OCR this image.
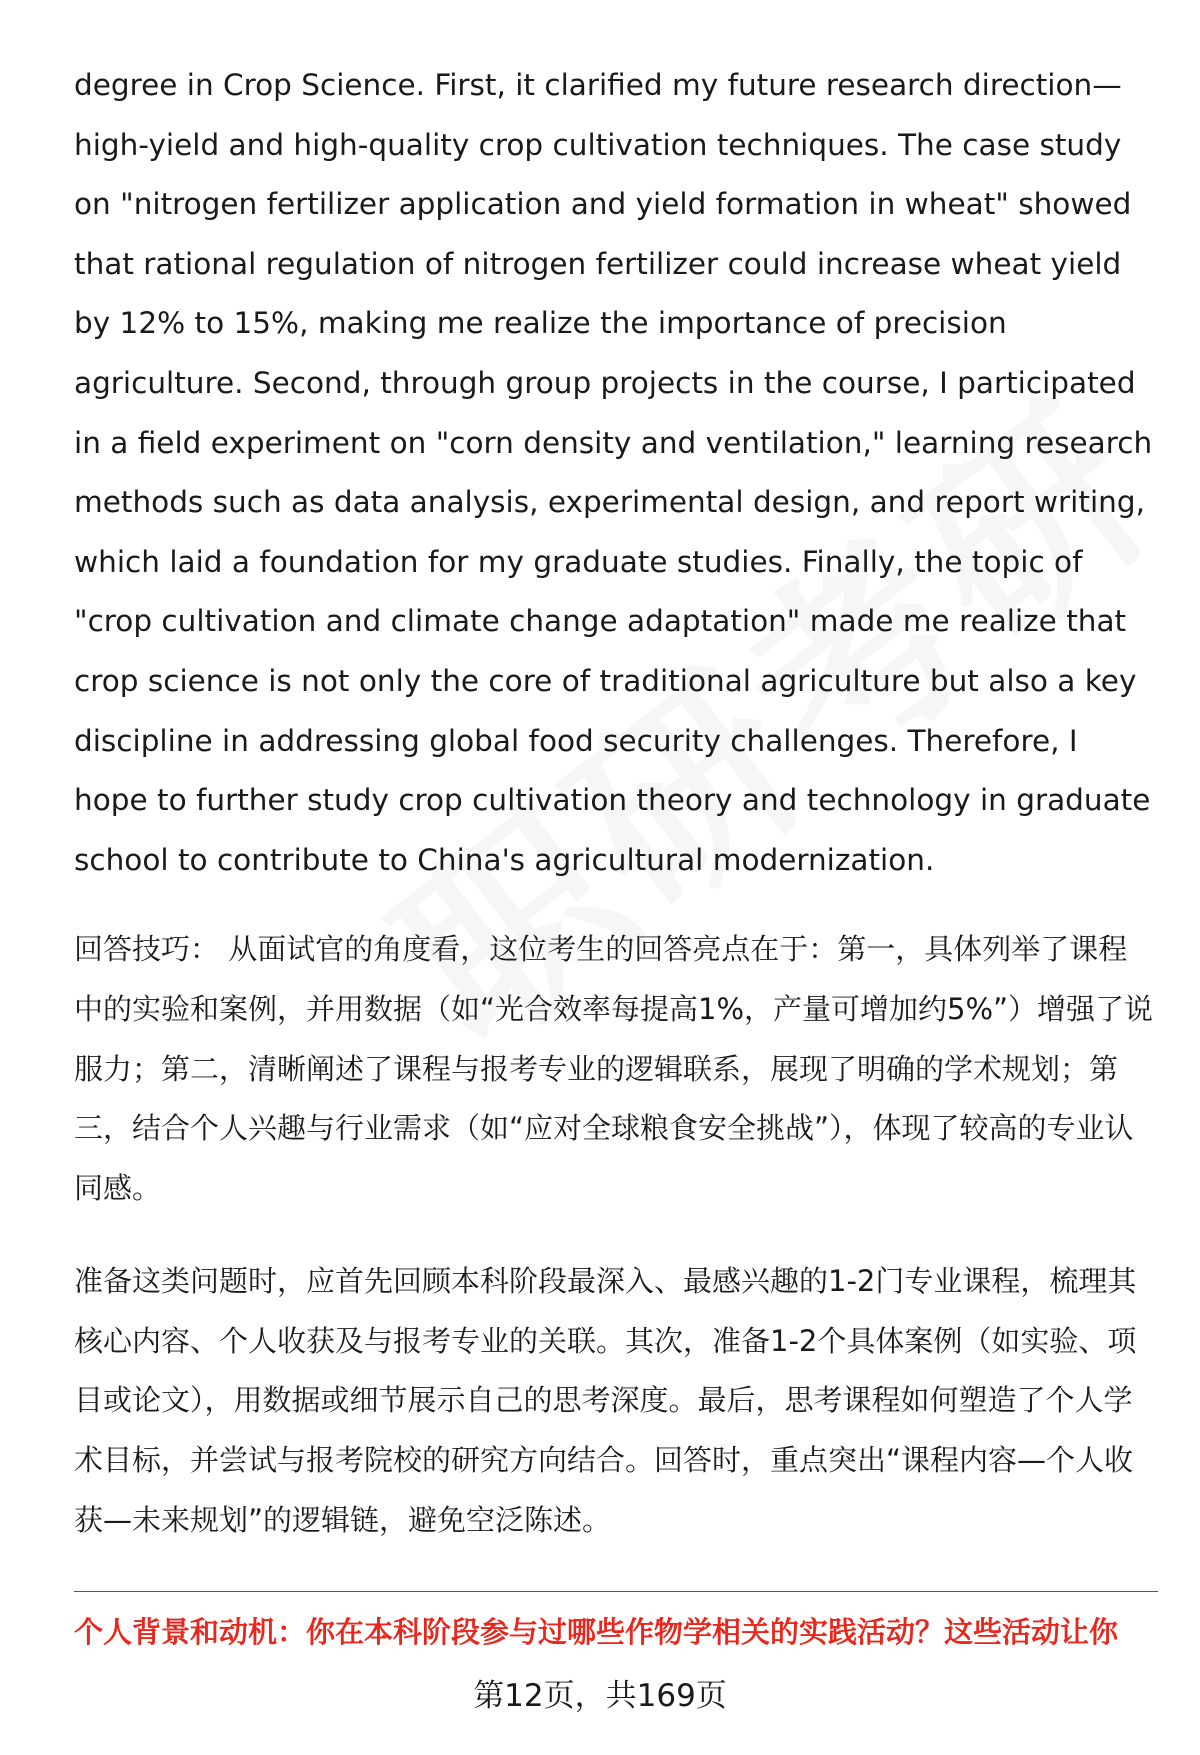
degree in Crop Science. First, it clarified my future research direction—high-yield and high-quality crop cultivation techniques. The case study on "nitrogen fertilizer application and yield formation in wheat" showed that rational regulation of nitrogen fertilizer could increase wheat yield by 12% to 15%, making me realize the importance of precision agriculture. Second, through group projects in the course, I participated in a field experiment on "corn density and ventilation," learning research methods such as data analysis, experimental design, and report writing, which laid a foundation for my graduate studies. Finally, the topic of "crop cultivation and climate change adaptation" made me realize that crop science is not only the core of traditional agriculture but also a key discipline in addressing global food security challenges. Therefore, I hope to further study crop cultivation theory and technology in graduate school to contribute to China's agricultural modernization.

回答技巧： 从面试官的角度看，这位考生的回答亮点在于：第一，具体列举了课程中的实验和案例，并用数据（如“光合效率每提高1%，产量可增加约5%”）增强了说服力；第二，清晰阐述了课程与报考专业的逻辑联系，展现了明确的学术规划；第三，结合个人兴趣与行业需求（如“应对全球粮食安全挑战”），体现了较高的专业认同感。

准备这类问题时，应首先回顾本科阶段最深入、最感兴趣的1-2门专业课程，梳理其核心内容、个人收获及与报考专业的关联。其次，准备1-2个具体案例（如实验、项目或论文），用数据或细节展示自己的思考深度。最后，思考课程如何塑造了个人学术目标，并尝试与报考院校的研究方向结合。回答时，重点突出“课程内容—个人收获—未来规划”的逻辑链，避免空泛陈述。

个人背景和动机：你在本科阶段参与过哪些作物学相关的实践活动？这些活动让你
第12页，共169页
